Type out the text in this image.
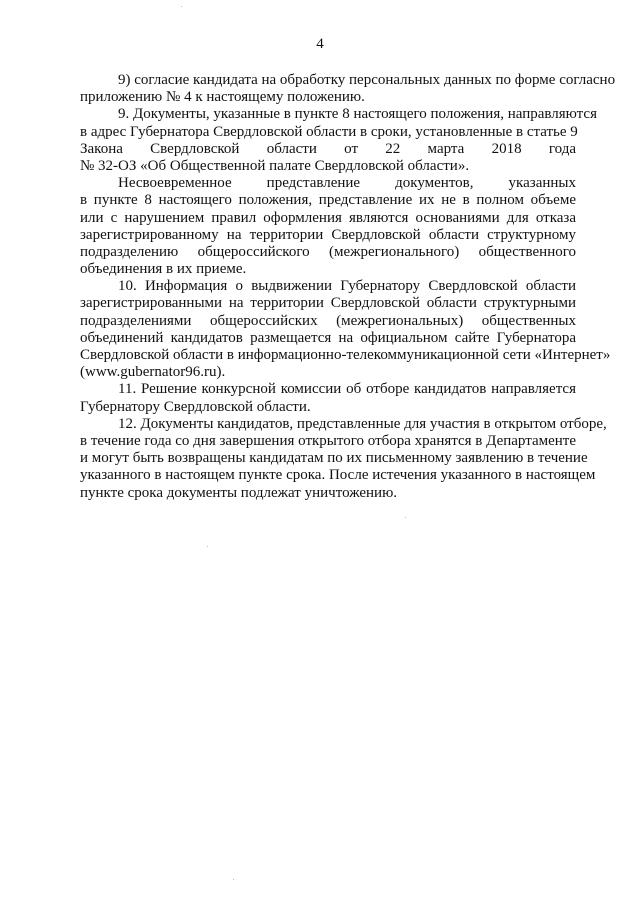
4
9) согласие кандидата на обработку персональных данных по форме согласно
приложению № 4 к настоящему положению.
9. Документы, указанные в пункте 8 настоящего положения, направляются
в адрес Губернатора Свердловской области в сроки, установленные в статье 9
Закона Свердловской области от 22 марта 2018 года
№ 32-ОЗ «Об Общественной палате Свердловской области».
Несвоевременное представление документов, указанных
в пункте 8 настоящего положения, представление их не в полном объеме
или с нарушением правил оформления являются основаниями для отказа
зарегистрированному на территории Свердловской области структурному
подразделению общероссийского (межрегионального) общественного
объединения в их приеме.
10. Информация о выдвижении Губернатору Свердловской области
зарегистрированными на территории Свердловской области структурными
подразделениями общероссийских (межрегиональных) общественных
объединений кандидатов размещается на официальном сайте Губернатора
Свердловской области в информационно-телекоммуникационной сети «Интернет»
(www.gubernator96.ru).
11. Решение конкурсной комиссии об отборе кандидатов направляется
Губернатору Свердловской области.
12. Документы кандидатов, представленные для участия в открытом отборе,
в течение года со дня завершения открытого отбора хранятся в Департаменте
и могут быть возвращены кандидатам по их письменному заявлению в течение
указанного в настоящем пункте срока. После истечения указанного в настоящем
пункте срока документы подлежат уничтожению.
